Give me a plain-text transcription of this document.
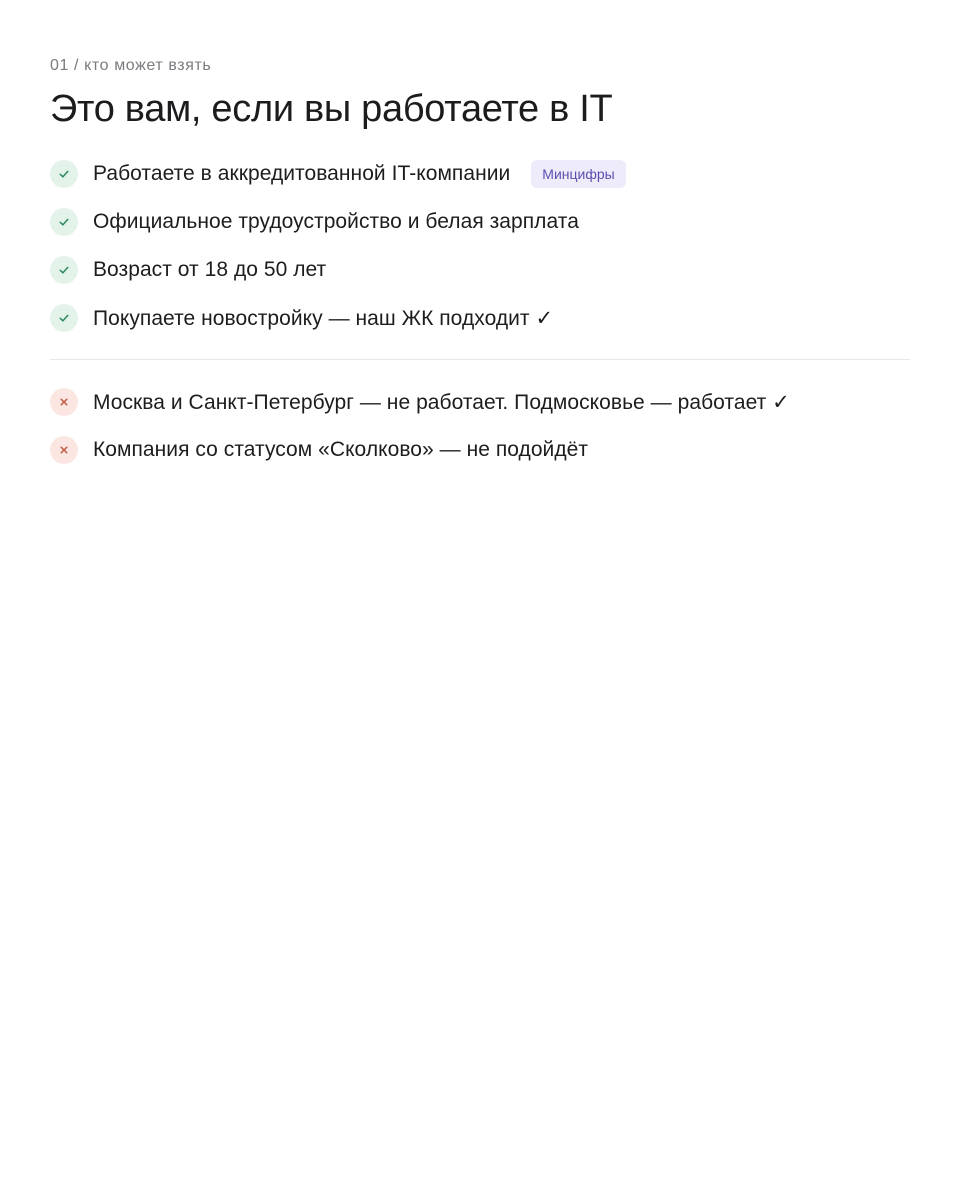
01 / кто может взять
Это вам, если вы работаете в IT
Работаете в аккредитованной IT-компании	Минцифры
Официальное трудоустройство и белая зарплата
Возраст от 18 до 50 лет
Покупаете новостройку — наш ЖК подходит ✓
Москва и Санкт-Петербург — не работает. Подмосковье — работает ✓
Компания со статусом «Сколково» — не подойдёт
